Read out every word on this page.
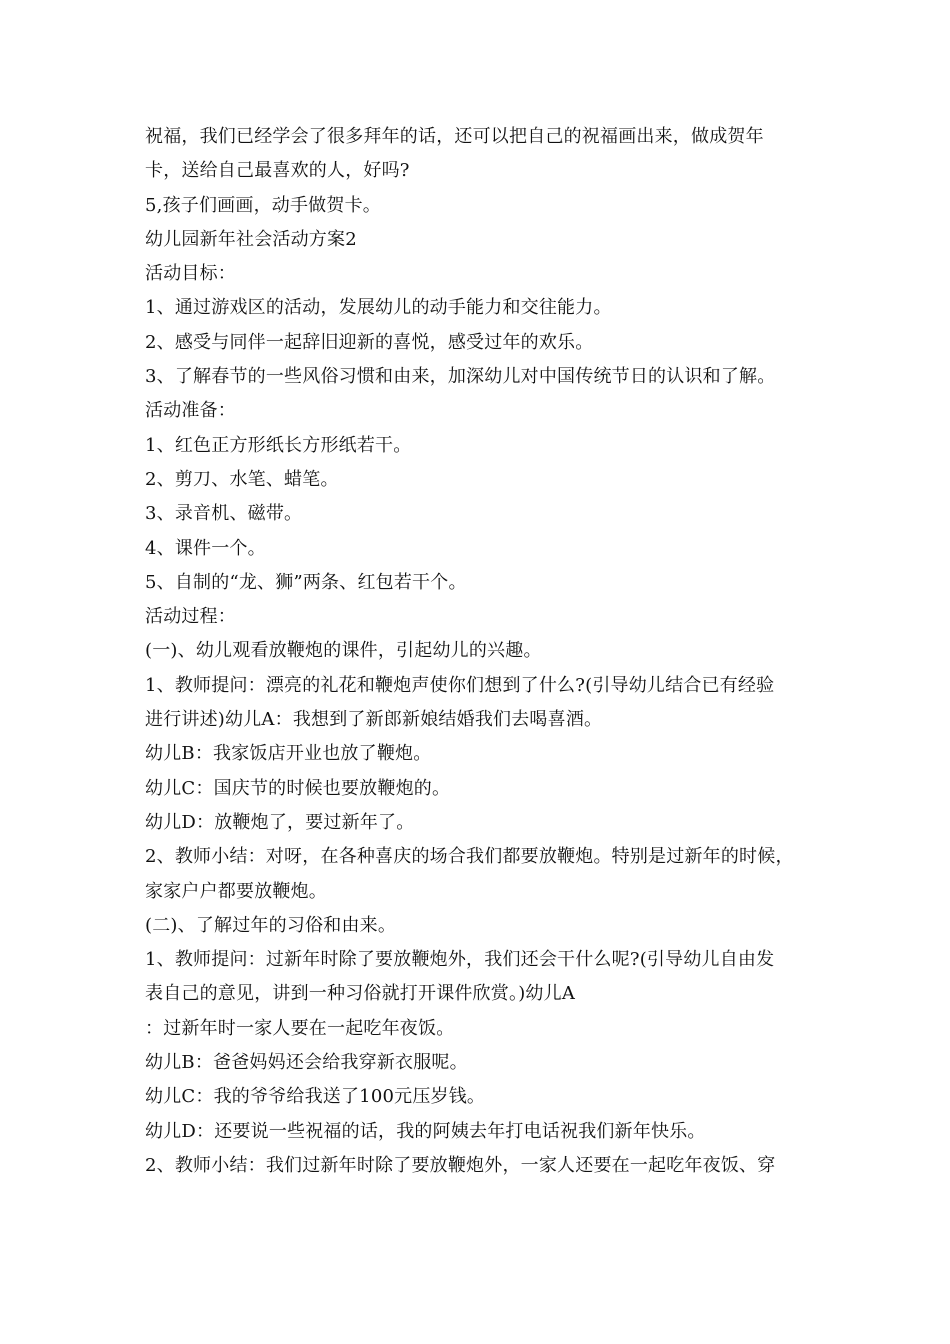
祝福，我们已经学会了很多拜年的话，还可以把自己的祝福画出来，做成贺年
卡，送给自己最喜欢的人，好吗?
5,孩子们画画，动手做贺卡。
幼儿园新年社会活动方案2
活动目标：
1、通过游戏区的活动，发展幼儿的动手能力和交往能力。
2、感受与同伴一起辞旧迎新的喜悦，感受过年的欢乐。
3、了解春节的一些风俗习惯和由来，加深幼儿对中国传统节日的认识和了解。
活动准备：
1、红色正方形纸长方形纸若干。
2、剪刀、水笔、蜡笔。
3、录音机、磁带。
4、课件一个。
5、自制的“龙、狮”两条、红包若干个。
活动过程：
(一)、幼儿观看放鞭炮的课件，引起幼儿的兴趣。
1、教师提问：漂亮的礼花和鞭炮声使你们想到了什么?(引导幼儿结合已有经验
进行讲述)幼儿A：我想到了新郎新娘结婚我们去喝喜酒。
幼儿B：我家饭店开业也放了鞭炮。
幼儿C：国庆节的时候也要放鞭炮的。
幼儿D：放鞭炮了，要过新年了。
2、教师小结：对呀，在各种喜庆的场合我们都要放鞭炮。特别是过新年的时候，
家家户户都要放鞭炮。
(二)、了解过年的习俗和由来。
1、教师提问：过新年时除了要放鞭炮外，我们还会干什么呢?(引导幼儿自由发
表自己的意见，讲到一种习俗就打开课件欣赏。)幼儿A
：过新年时一家人要在一起吃年夜饭。
幼儿B：爸爸妈妈还会给我穿新衣服呢。
幼儿C：我的爷爷给我送了100元压岁钱。
幼儿D：还要说一些祝福的话，我的阿姨去年打电话祝我们新年快乐。
2、教师小结：我们过新年时除了要放鞭炮外，一家人还要在一起吃年夜饭、穿
